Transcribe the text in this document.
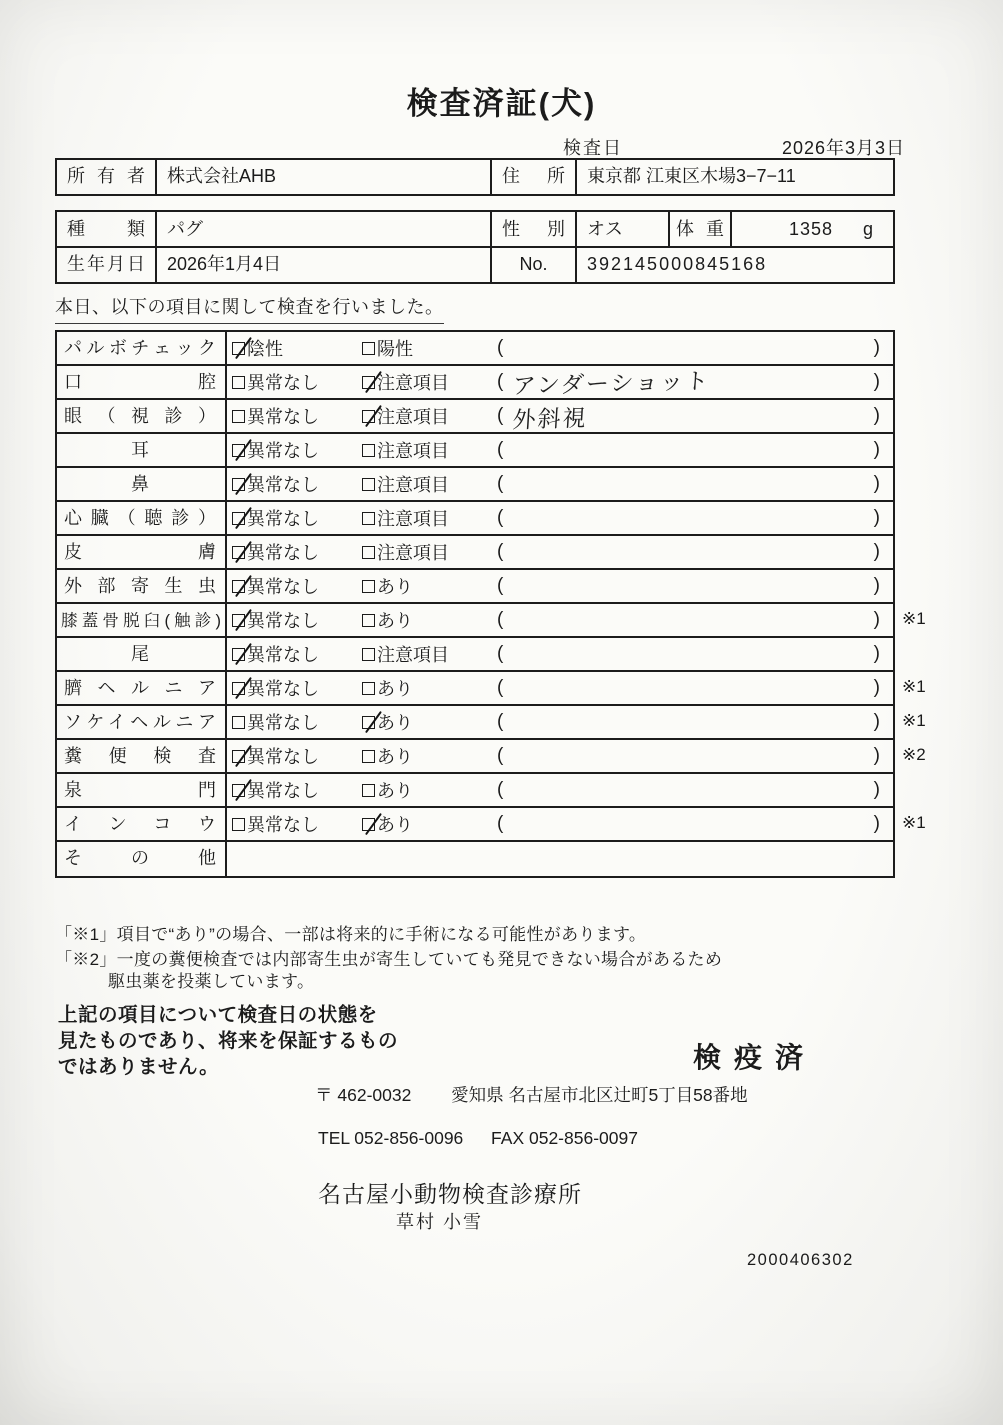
検査済証(犬)
検査日	2026年3月3日
所有者	株式会社AHB	住所	東京都 江東区木場3−7−11
種類	パグ	性別	オス	体重	1358	g
生年月日	2026年1月4日	No.	392145000845168
本日、以下の項目に関して検査を行いました。
パルボチェック	陰性	陽性	(	)
口腔	異常なし	注意項目	( アンダーショット	)
眼（視診）	異常なし	注意項目	( 外斜視	)
耳	異常なし	注意項目	(	)
鼻	異常なし	注意項目	(	)
心臓（聴診）	異常なし	注意項目	(	)
皮膚	異常なし	注意項目	(	)
外部寄生虫	異常なし	あり	(	)
膝蓋骨脱臼(触診)	異常なし	あり	(	) ※1
尾	異常なし	注意項目	(	)
臍ヘルニア	異常なし	あり	(	) ※1
ソケイヘルニア	異常なし	あり	(	) ※1
糞便検査	異常なし	あり	(	) ※2
泉門	異常なし	あり	(	)
インコウ	異常なし	あり	(	) ※1
その他
「※1」項目で“あり”の場合、一部は将来的に手術になる可能性があります。
「※2」一度の糞便検査では内部寄生虫が寄生していても発見できない場合があるため
駆虫薬を投薬しています。
上記の項目について検査日の状態を
見たものであり、将来を保証するもの
ではありません。	検疫済
〒 462-0032 愛知県 名古屋市北区辻町5丁目58番地
TEL 052-856-0096 FAX 052-856-0097
名古屋小動物検査診療所
草村 小雪
2000406302
